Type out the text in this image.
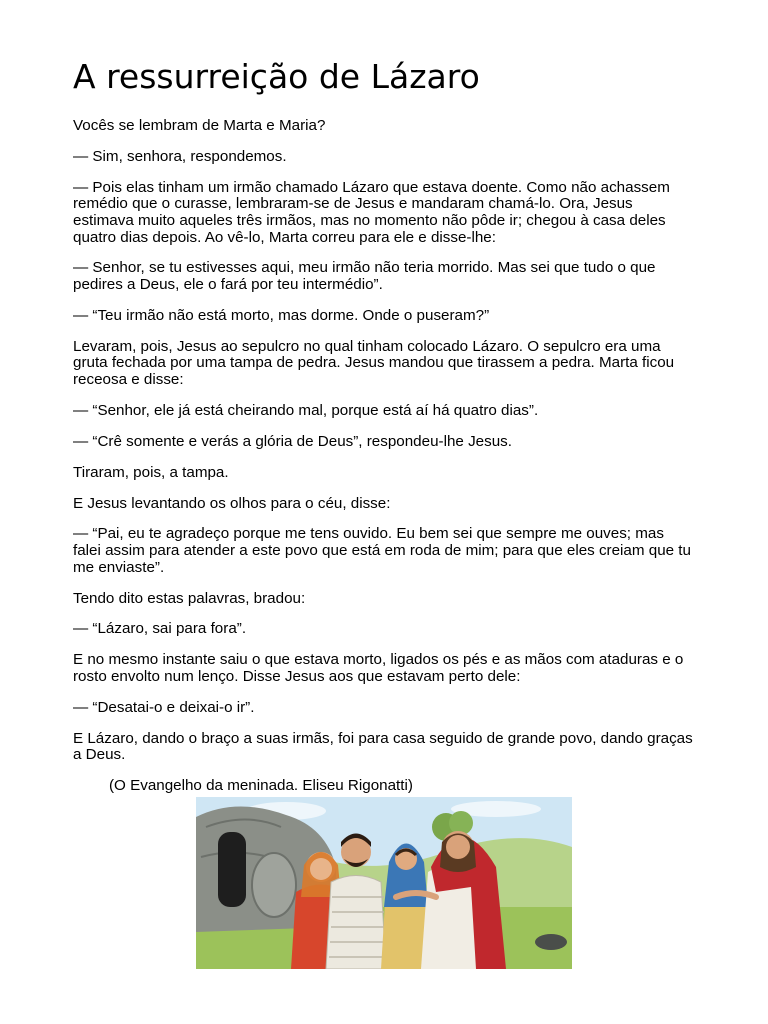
A ressurreição de Lázaro

Vocês se lembram de Marta e Maria?

— Sim, senhora, respondemos.

— Pois elas tinham um irmão chamado Lázaro que estava doente. Como não achassem remédio que o curasse, lembraram-se de Jesus e mandaram chamá-lo. Ora, Jesus estimava muito aqueles três irmãos, mas no momento não pôde ir; chegou à casa deles quatro dias depois. Ao vê-lo, Marta correu para ele e disse-lhe:

— Senhor, se tu estivesses aqui, meu irmão não teria morrido. Mas sei que tudo o que pedires a Deus, ele o fará por teu intermédio”.

— “Teu irmão não está morto, mas dorme. Onde o puseram?”

Levaram, pois, Jesus ao sepulcro no qual tinham colocado Lázaro. O sepulcro era uma gruta fechada por uma tampa de pedra. Jesus mandou que tirassem a pedra. Marta ficou receosa e disse:

— “Senhor, ele já está cheirando mal, porque está aí há quatro dias”.

— “Crê somente e verás a glória de Deus”, respondeu-lhe Jesus.

Tiraram, pois, a tampa.

E Jesus levantando os olhos para o céu, disse:

— “Pai, eu te agradeço porque me tens ouvido. Eu bem sei que sempre me ouves; mas falei assim para atender a este povo que está em roda de mim; para que eles creiam que tu me enviaste”.

Tendo dito estas palavras, bradou:

— “Lázaro, sai para fora”.

E no mesmo instante saiu o que estava morto, ligados os pés e as mãos com ataduras e o rosto envolto num lenço. Disse Jesus aos que estavam perto dele:

— “Desatai-o e deixai-o ir”.

E Lázaro, dando o braço a suas irmãs, foi para casa seguido de grande povo, dando graças a Deus.

(O Evangelho da meninada. Eliseu Rigonatti)
